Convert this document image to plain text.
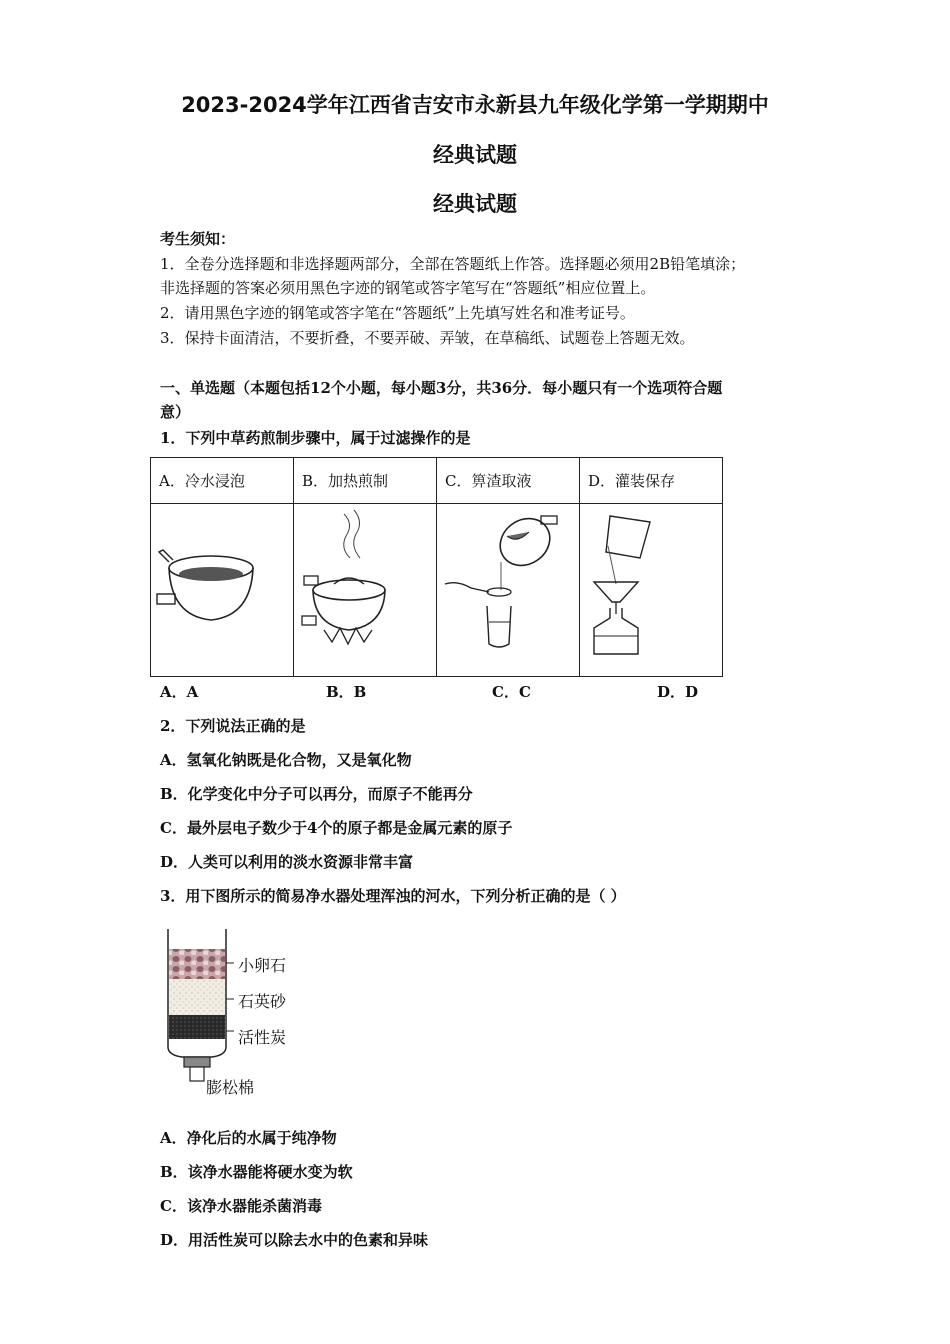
2023-2024学年江西省吉安市永新县九年级化学第一学期期中
经典试题
经典试题
考生须知：
1．全卷分选择题和非选择题两部分，全部在答题纸上作答。选择题必须用2B铅笔填涂；
非选择题的答案必须用黑色字迹的钢笔或答字笔写在“答题纸”相应位置上。
2．请用黑色字迹的钢笔或答字笔在“答题纸”上先填写姓名和准考证号。
3．保持卡面清洁，不要折叠，不要弄破、弄皱，在草稿纸、试题卷上答题无效。
一、单选题（本题包括12个小题，每小题3分，共36分．每小题只有一个选项符合题
意）
1．下列中草药煎制步骤中，属于过滤操作的是
A．冷水浸泡	B．加热煎制	C．箅渣取液	D．灌装保存

A．A	B．B	C．C	D．D
2．下列说法正确的是
A．氢氧化钠既是化合物，又是氧化物
B．化学变化中分子可以再分，而原子不能再分
C．最外层电子数少于4个的原子都是金属元素的原子
D．人类可以利用的淡水资源非常丰富
3．用下图所示的简易净水器处理浑浊的河水，下列分析正确的是（ ）
小卵石
石英砂
活性炭
膨松棉
A．净化后的水属于纯净物
B．该净水器能将硬水变为软
C．该净水器能杀菌消毒
D．用活性炭可以除去水中的色素和异味
